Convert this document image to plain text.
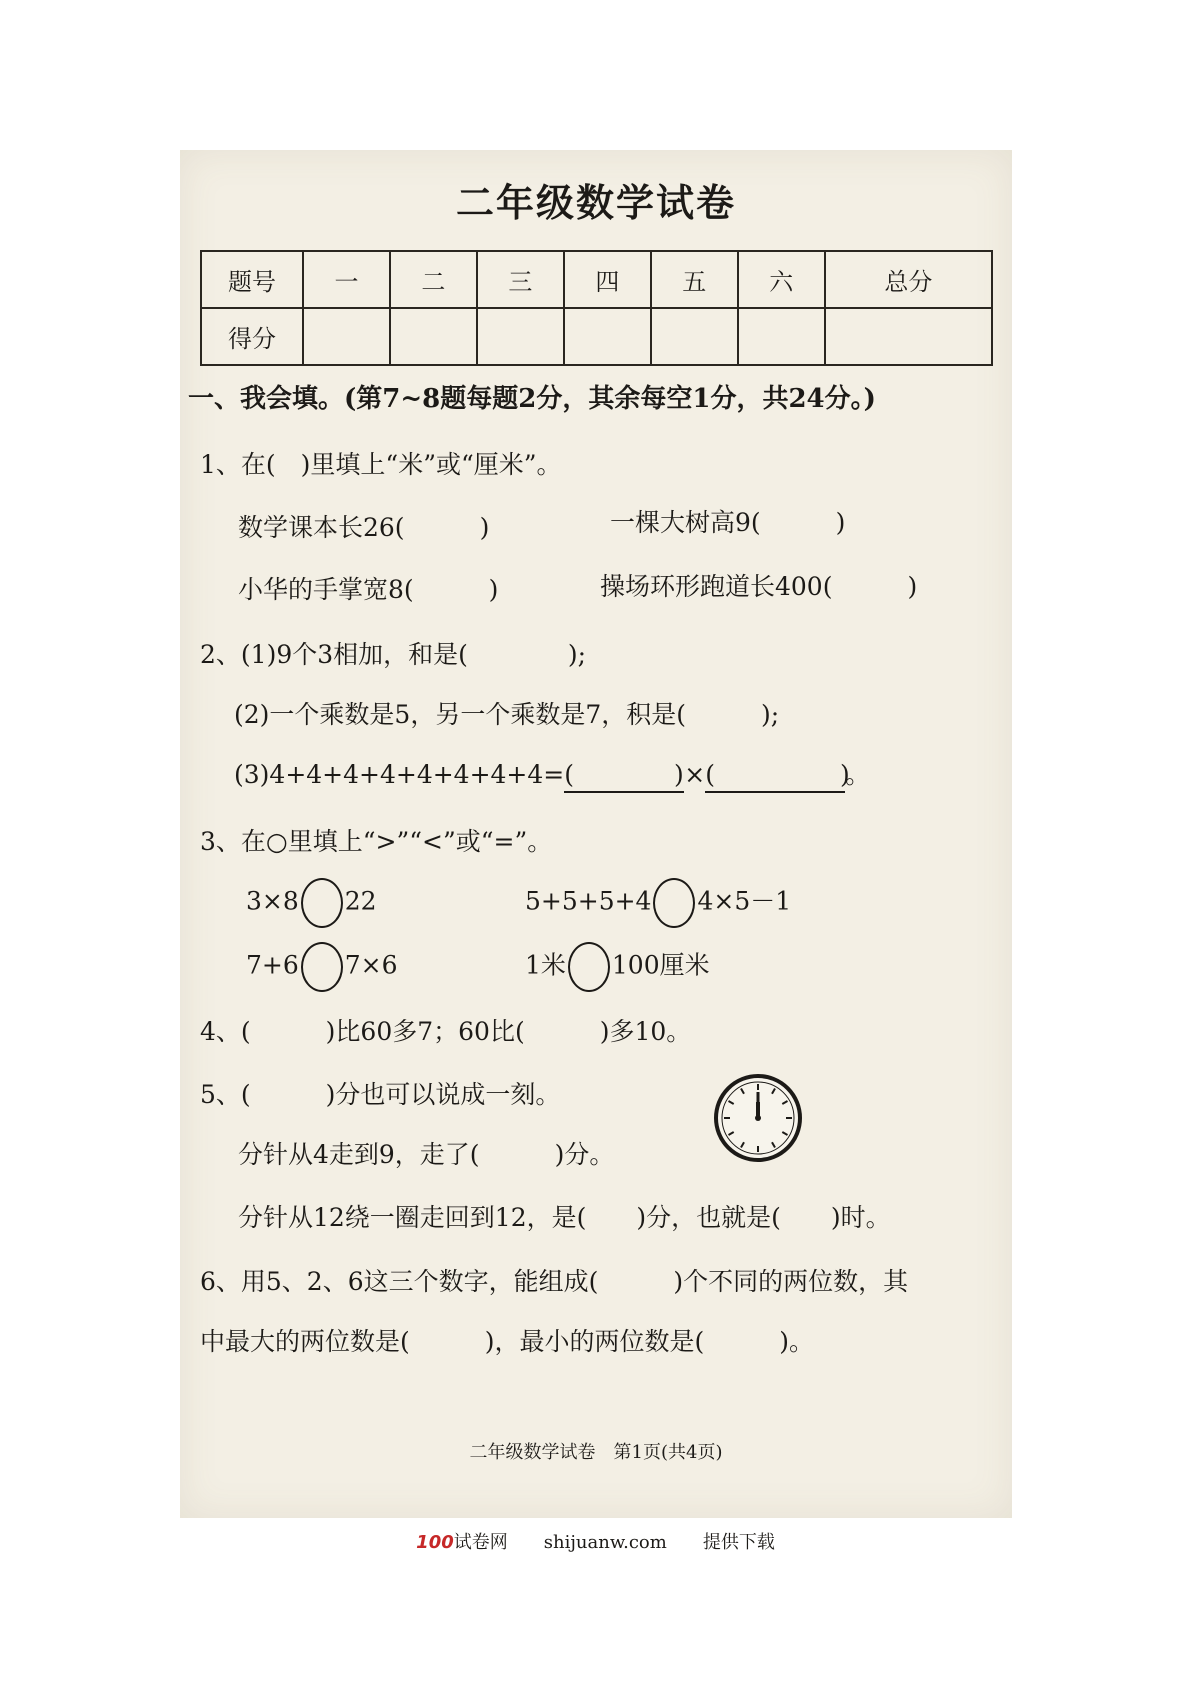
二年级数学试卷
题号	一	二	三	四	五	六	总分
得分							
一、我会填。(第7~8题每题2分，其余每空1分，共24分。)
1、在(　)里填上“米”或“厘米”。
数学课本长26(　　　)	一棵大树高9(　　　)
小华的手掌宽8(　　　)	操场环形跑道长400(　　　)
2、(1)9个3相加，和是(　　　　);
(2)一个乘数是5，另一个乘数是7，积是(　　　);
(3)4+4+4+4+4+4+4+4=(　　　　)×(　　　　　)。
3、在○里填上“>”“<”或“=”。
3×8 22	5+5+5+4 4×5－1
7+6 7×6	1米 100厘米
4、(　　　)比60多7；60比(　　　)多10。
5、(　　　)分也可以说成一刻。
分针从4走到9，走了(　　　)分。
分针从12绕一圈走回到12，是(　　)分，也就是(　　)时。
6、用5、2、6这三个数字，能组成(　　　)个不同的两位数，其
中最大的两位数是(　　　)，最小的两位数是(　　　)。
二年级数学试卷　第1页(共4页)
100试卷网 shijuanw.com 提供下载
